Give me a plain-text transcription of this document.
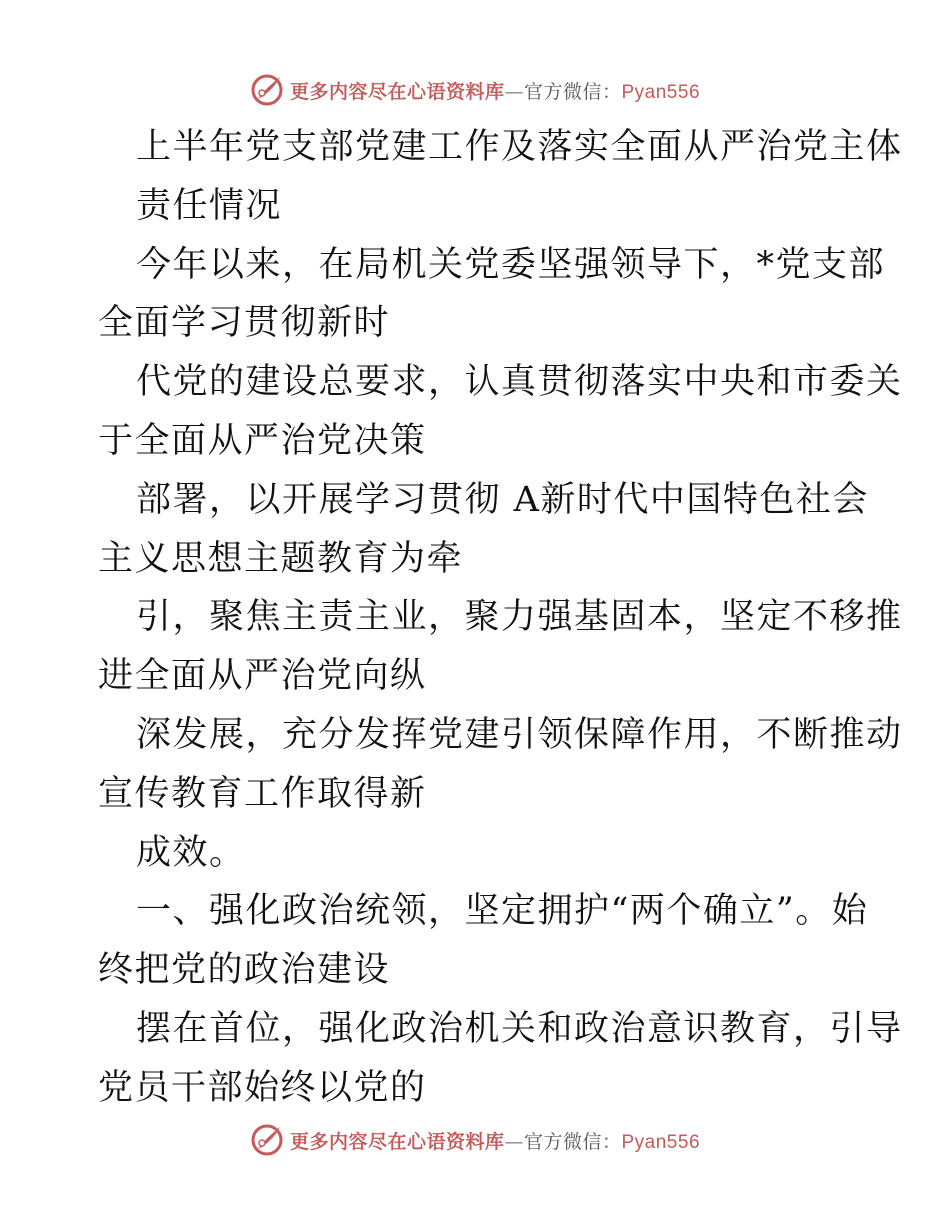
更多内容尽在心语资料库—官方微信：Pyan556
上半年党支部党建工作及落实全面从严治党主体
责任情况
今年以来，在局机关党委坚强领导下，*党支部
全面学习贯彻新时
代党的建设总要求，认真贯彻落实中央和市委关
于全面从严治党决策
部署，以开展学习贯彻 A新时代中国特色社会
主义思想主题教育为牵
引，聚焦主责主业，聚力强基固本，坚定不移推
进全面从严治党向纵
深发展，充分发挥党建引领保障作用，不断推动
宣传教育工作取得新
成效。
一、强化政治统领，坚定拥护“两个确立”。始
终把党的政治建设
摆在首位，强化政治机关和政治意识教育，引导
党员干部始终以党的
更多内容尽在心语资料库—官方微信：Pyan556
